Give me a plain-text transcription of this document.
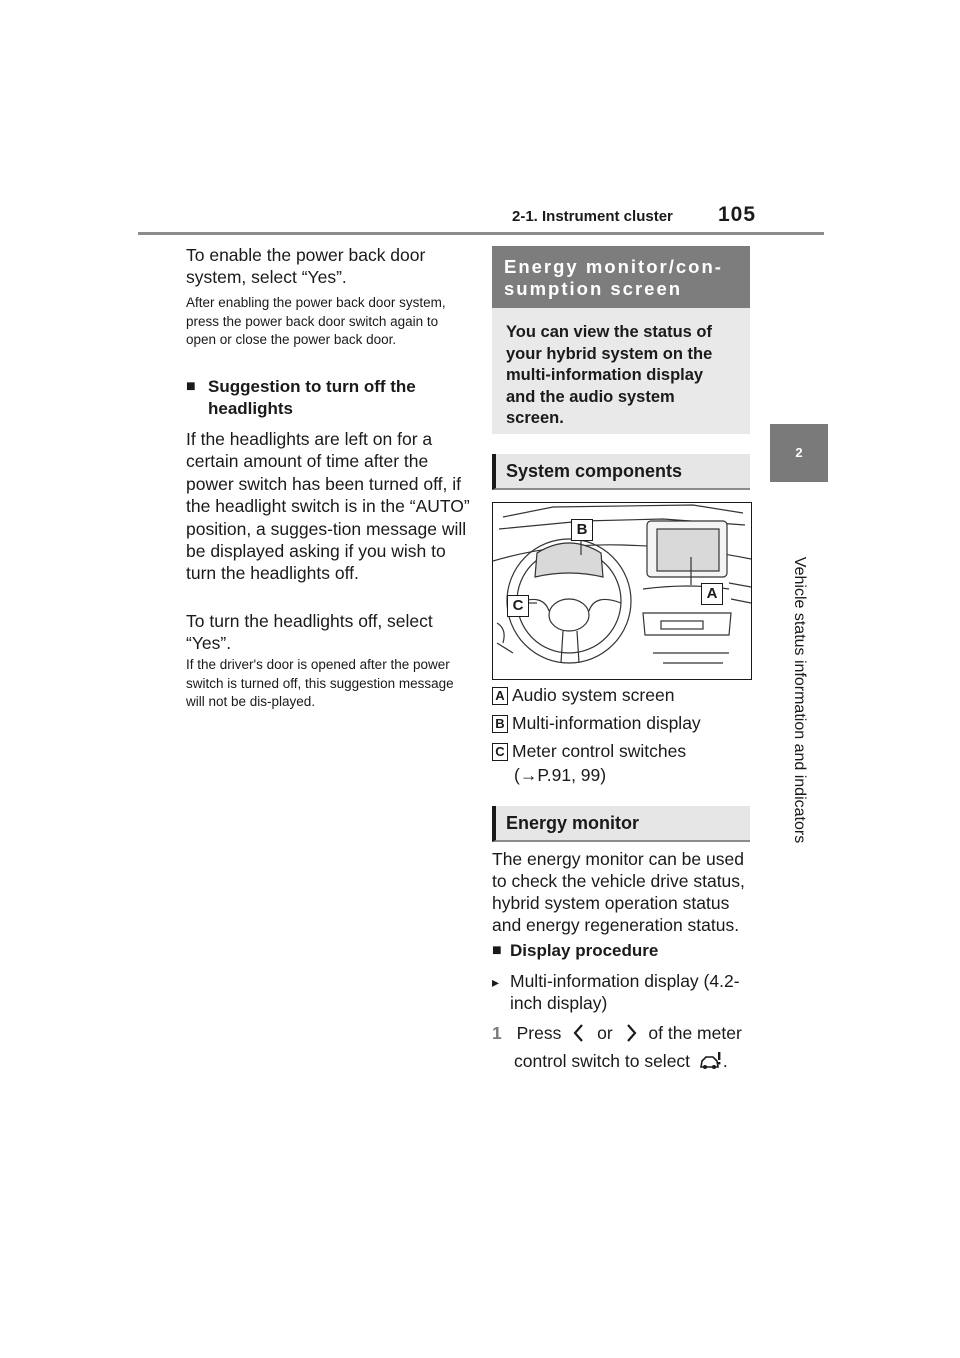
2-1. Instrument cluster 105
2
Vehicle status information and indicators
To enable the power back door system, select “Yes”.
After enabling the power back door system, press the power back door switch again to open or close the power back door.
■ Suggestion to turn off the headlights
If the headlights are left on for a certain amount of time after the power switch has been turned off, if the headlight switch is in the “AUTO” position, a sugges-tion message will be displayed asking if you wish to turn the headlights off.
To turn the headlights off, select “Yes”.
If the driver's door is opened after the power switch is turned off, this suggestion message will not be dis-played.
Energy monitor/con-sumption screen
You can view the status of your hybrid system on the multi-information display and the audio system screen.
System components
B
A
C
A Audio system screen
B Multi-information display
C Meter control switches
(→P.91, 99)
Energy monitor
The energy monitor can be used to check the vehicle drive status, hybrid system operation status and energy regeneration status.
■ Display procedure
▸ Multi-information display (4.2-inch display)
1 Press or of the meter
control switch to select .
